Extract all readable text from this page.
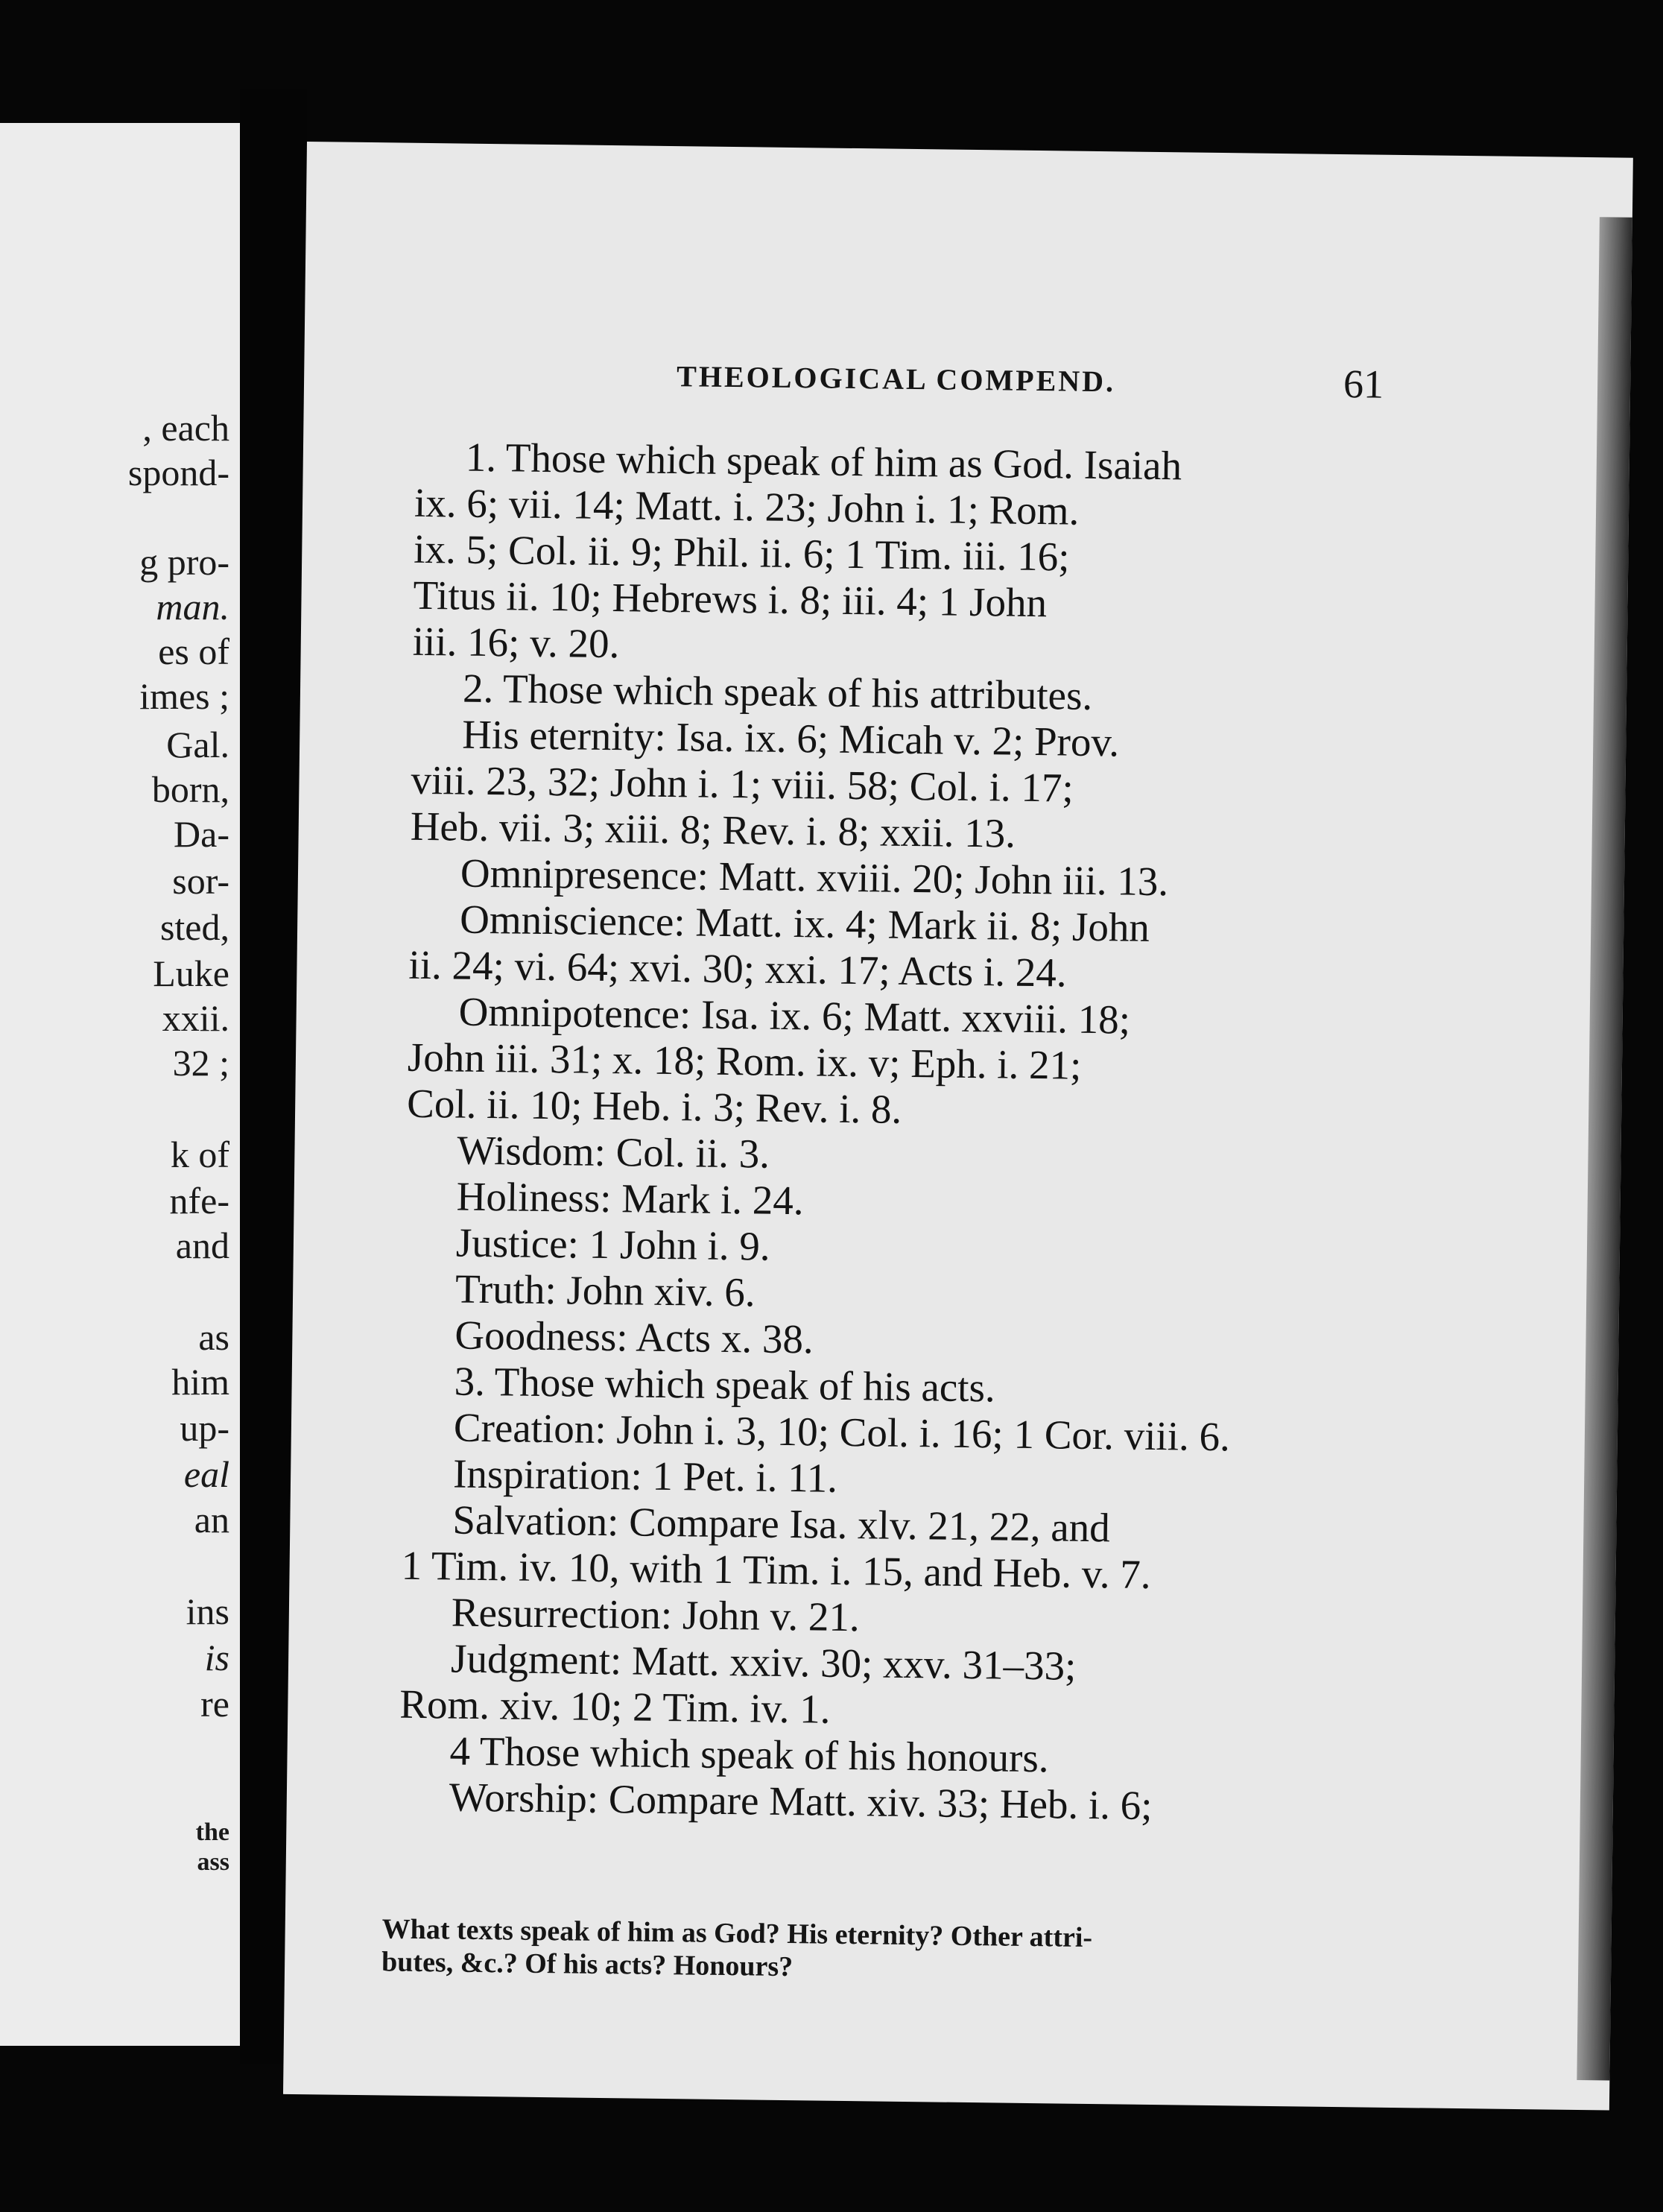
, each
spond-
g pro-
man.
es of
imes ;
Gal.
born,
Da-
sor-
sted,
Luke
xxii.
32 ;
k of
nfe-
and
as
him
up-
eal
an
ins
is
re
the
ass
THEOLOGICAL COMPEND.	61
1. Those which speak of him as God. Isaiah
ix. 6; vii. 14; Matt. i. 23; John i. 1; Rom.
ix. 5; Col. ii. 9; Phil. ii. 6; 1 Tim. iii. 16;
Titus ii. 10; Hebrews i. 8; iii. 4; 1 John
iii. 16; v. 20.
2. Those which speak of his attributes.
His eternity: Isa. ix. 6; Micah v. 2; Prov.
viii. 23, 32; John i. 1; viii. 58; Col. i. 17;
Heb. vii. 3; xiii. 8; Rev. i. 8; xxii. 13.
Omnipresence: Matt. xviii. 20; John iii. 13.
Omniscience: Matt. ix. 4; Mark ii. 8; John
ii. 24; vi. 64; xvi. 30; xxi. 17; Acts i. 24.
Omnipotence: Isa. ix. 6; Matt. xxviii. 18;
John iii. 31; x. 18; Rom. ix. v; Eph. i. 21;
Col. ii. 10; Heb. i. 3; Rev. i. 8.
Wisdom: Col. ii. 3.
Holiness: Mark i. 24.
Justice: 1 John i. 9.
Truth: John xiv. 6.
Goodness: Acts x. 38.
3. Those which speak of his acts.
Creation: John i. 3, 10; Col. i. 16; 1 Cor. viii. 6.
Inspiration: 1 Pet. i. 11.
Salvation: Compare Isa. xlv. 21, 22, and
1 Tim. iv. 10, with 1 Tim. i. 15, and Heb. v. 7.
Resurrection: John v. 21.
Judgment: Matt. xxiv. 30; xxv. 31–33;
Rom. xiv. 10; 2 Tim. iv. 1.
4 Those which speak of his honours.
Worship: Compare Matt. xiv. 33; Heb. i. 6;
What texts speak of him as God? His eternity? Other attri-
butes, &c.? Of his acts? Honours?
